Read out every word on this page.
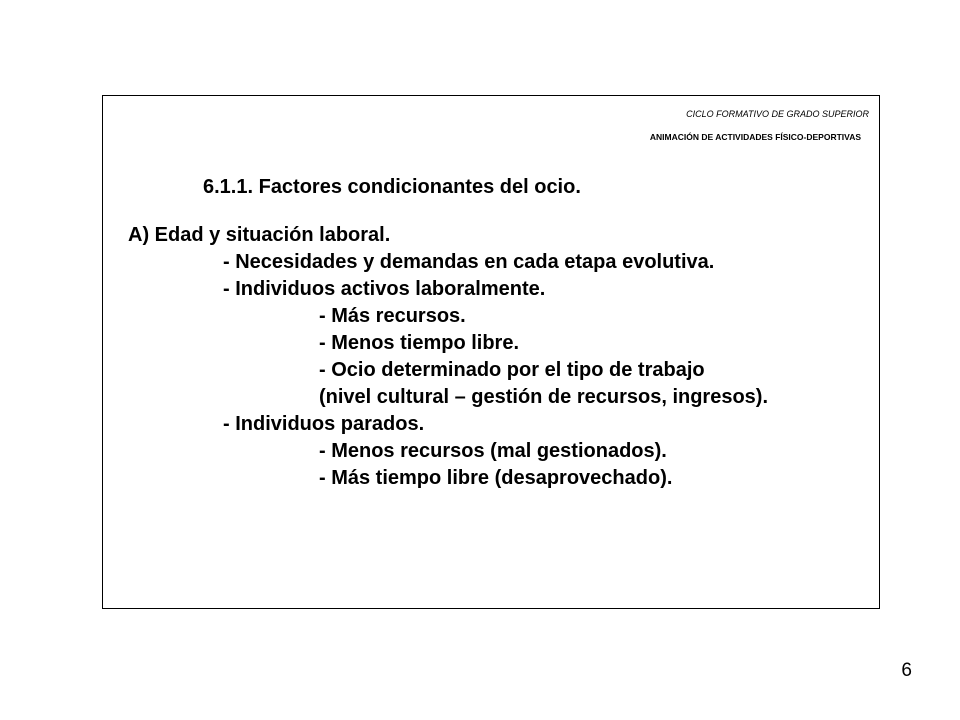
CICLO FORMATIVO DE GRADO SUPERIOR
ANIMACIÓN DE ACTIVIDADES FÍSICO-DEPORTIVAS
6.1.1. Factores condicionantes del ocio.
A) Edad y situación laboral.
- Necesidades y demandas en cada etapa evolutiva.
- Individuos activos laboralmente.
- Más recursos.
- Menos tiempo libre.
- Ocio determinado por el tipo de trabajo
(nivel cultural – gestión de recursos, ingresos).
- Individuos parados.
- Menos recursos (mal gestionados).
- Más tiempo libre (desaprovechado).
6
